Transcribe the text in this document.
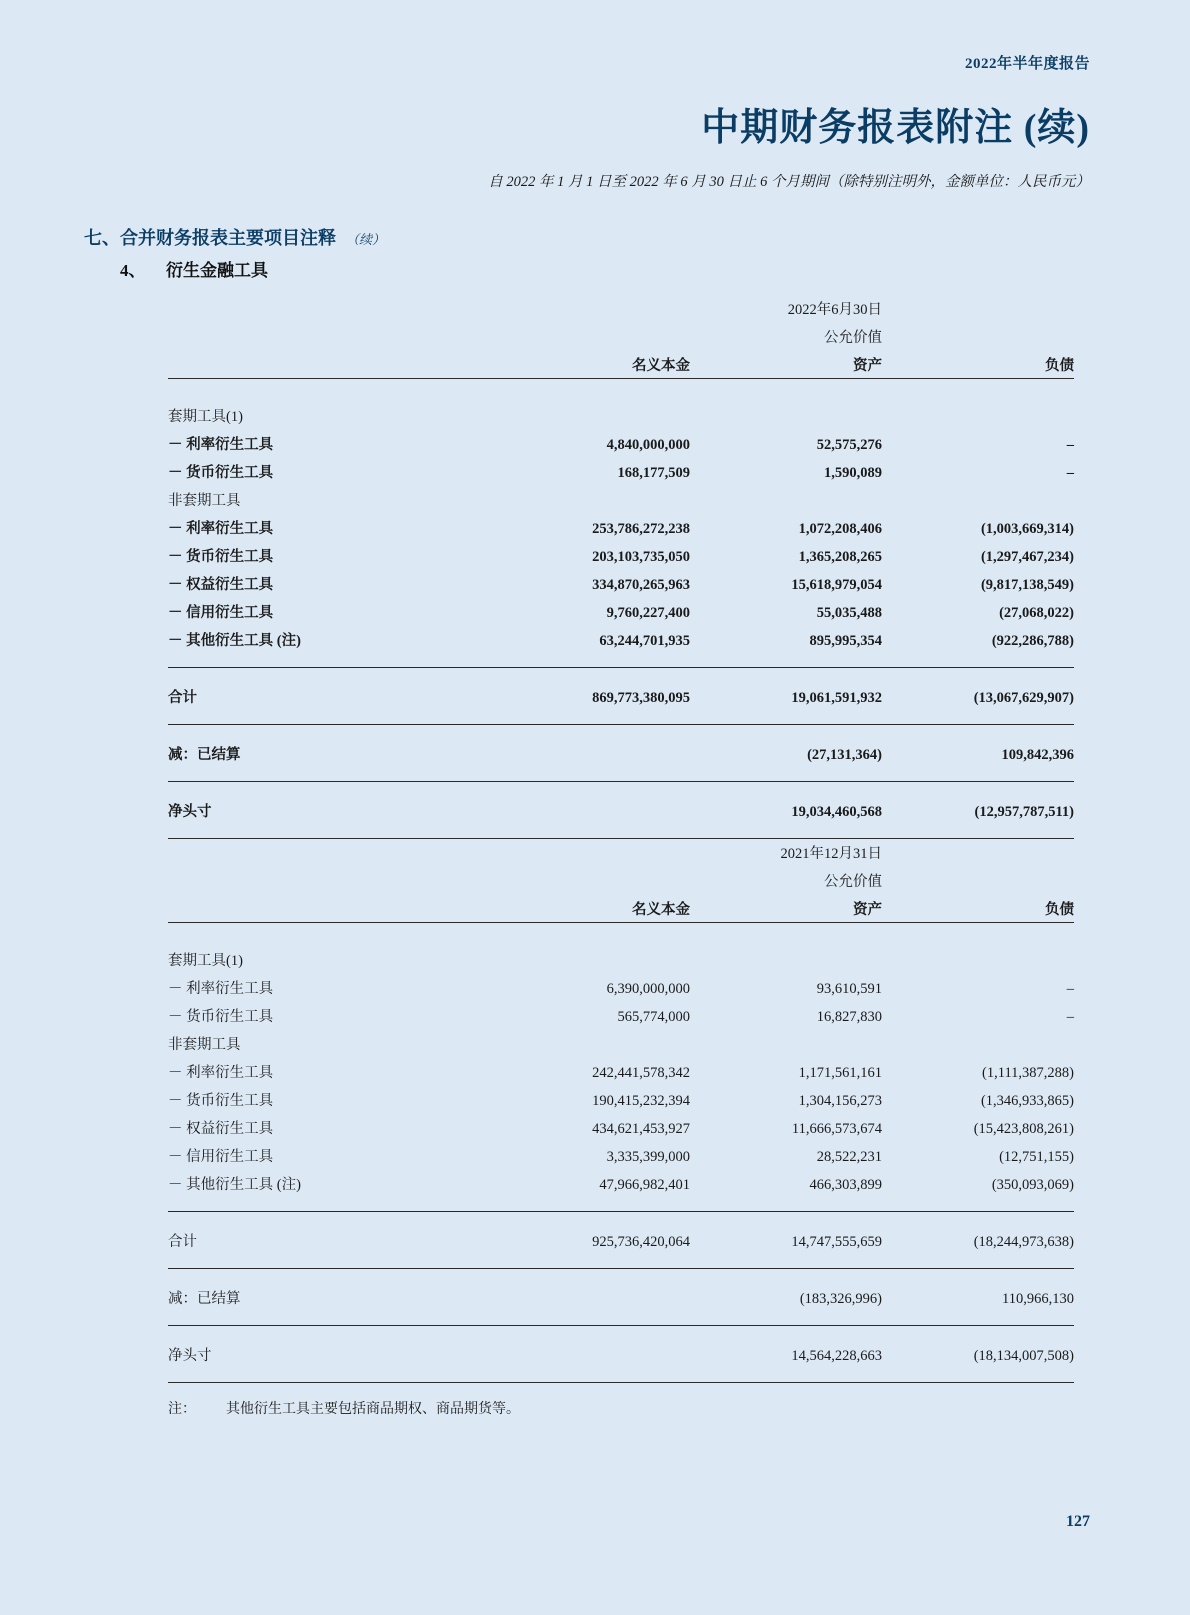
2022年半年度报告
中期财务报表附注 (续)
自 2022 年 1 月 1 日至 2022 年 6 月 30 日止 6 个月期间（除特别注明外，金额单位：人民币元）
七、合并财务报表主要项目注释 （续）
4、 衍生金融工具
		2022年6月30日	
		公允价值	
	名义本金	资产	负债

套期工具(1)			
－ 利率衍生工具	4,840,000,000	52,575,276	–
－ 货币衍生工具	168,177,509	1,590,089	–
非套期工具			
－ 利率衍生工具	253,786,272,238	1,072,208,406	(1,003,669,314)
－ 货币衍生工具	203,103,735,050	1,365,208,265	(1,297,467,234)
－ 权益衍生工具	334,870,265,963	15,618,979,054	(9,817,138,549)
－ 信用衍生工具	9,760,227,400	55,035,488	(27,068,022)
－ 其他衍生工具 (注)	63,244,701,935	895,995,354	(922,286,788)

合计	869,773,380,095	19,061,591,932	(13,067,629,907)

减：已结算		(27,131,364)	109,842,396

净头寸		19,034,460,568	(12,957,787,511)

		2021年12月31日	
		公允价值	
	名义本金	资产	负债

套期工具(1)			
－ 利率衍生工具	6,390,000,000	93,610,591	–
－ 货币衍生工具	565,774,000	16,827,830	–
非套期工具			
－ 利率衍生工具	242,441,578,342	1,171,561,161	(1,111,387,288)
－ 货币衍生工具	190,415,232,394	1,304,156,273	(1,346,933,865)
－ 权益衍生工具	434,621,453,927	11,666,573,674	(15,423,808,261)
－ 信用衍生工具	3,335,399,000	28,522,231	(12,751,155)
－ 其他衍生工具 (注)	47,966,982,401	466,303,899	(350,093,069)

合计	925,736,420,064	14,747,555,659	(18,244,973,638)

减：已结算		(183,326,996)	110,966,130

净头寸		14,564,228,663	(18,134,007,508)

注： 其他衍生工具主要包括商品期权、商品期货等。
127
